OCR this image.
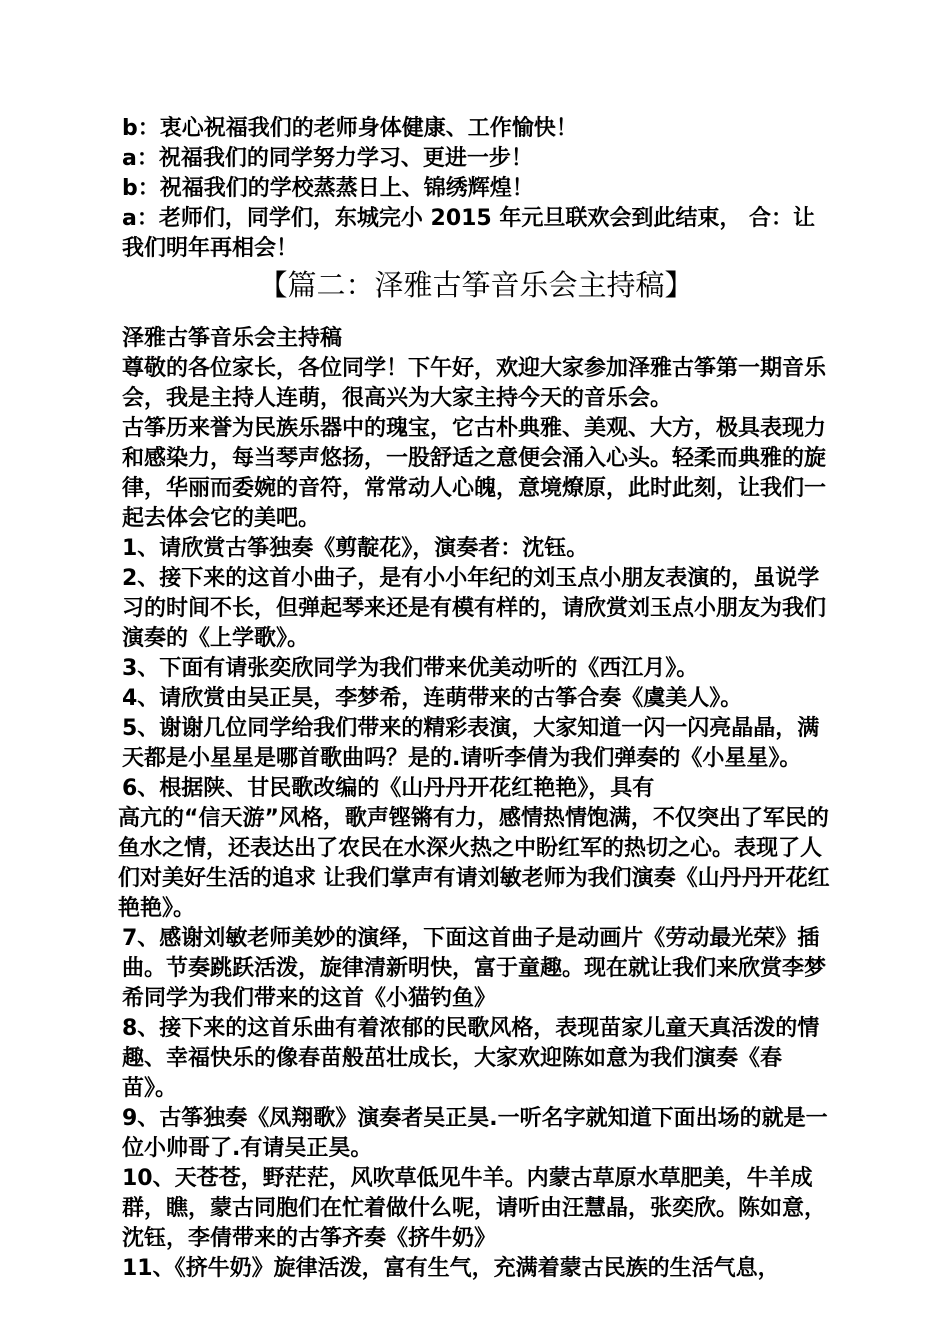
b：衷心祝福我们的老师身体健康、工作愉快！

a：祝福我们的同学努力学习、更进一步！

b：祝福我们的学校蒸蒸日上、锦绣辉煌！

a：老师们，同学们，东城完小 2015 年元旦联欢会到此结束， 合：让我们明年再相会！

【篇二：泽雅古筝音乐会主持稿】

泽雅古筝音乐会主持稿

尊敬的各位家长，各位同学！下午好，欢迎大家参加泽雅古筝第一期音乐会，我是主持人连萌，很高兴为大家主持今天的音乐会。

古筝历来誉为民族乐器中的瑰宝，它古朴典雅、美观、大方，极具表现力和感染力，每当琴声悠扬，一股舒适之意便会涌入心头。轻柔而典雅的旋律，华丽而委婉的音符，常常动人心魄，意境燎原，此时此刻，让我们一起去体会它的美吧。

1、请欣赏古筝独奏《剪靛花》，演奏者：沈钰。

2、接下来的这首小曲子，是有小小年纪的刘玉点小朋友表演的，虽说学习的时间不长，但弹起琴来还是有模有样的，请欣赏刘玉点小朋友为我们演奏的《上学歌》。

3、下面有请张奕欣同学为我们带来优美动听的《西江月》。

4、请欣赏由吴正昊，李梦希，连萌带来的古筝合奏《虞美人》。

5、谢谢几位同学给我们带来的精彩表演，大家知道一闪一闪亮晶晶，满天都是小星星是哪首歌曲吗？是的.请听李倩为我们弹奏的《小星星》。

6、根据陕、甘民歌改编的《山丹丹开花红艳艳》，具有

高亢的“信天游”风格，歌声铿锵有力，感情热情饱满，不仅突出了军民的鱼水之情，还表达出了农民在水深火热之中盼红军的热切之心。表现了人们对美好生活的追求 让我们掌声有请刘敏老师为我们演奏《山丹丹开花红艳艳》。

7、感谢刘敏老师美妙的演绎，下面这首曲子是动画片《劳动最光荣》插曲。节奏跳跃活泼，旋律清新明快，富于童趣。现在就让我们来欣赏李梦希同学为我们带来的这首《小猫钓鱼》

8、接下来的这首乐曲有着浓郁的民歌风格，表现苗家儿童天真活泼的情趣、幸福快乐的像春苗般茁壮成长，大家欢迎陈如意为我们演奏《春苗》。

9、古筝独奏《凤翔歌》演奏者吴正昊.一听名字就知道下面出场的就是一位小帅哥了.有请吴正昊。

10、天苍苍，野茫茫，风吹草低见牛羊。内蒙古草原水草肥美，牛羊成群，瞧，蒙古同胞们在忙着做什么呢，请听由汪慧晶，张奕欣。陈如意，沈钰，李倩带来的古筝齐奏《挤牛奶》

11、《挤牛奶》旋律活泼，富有生气，充满着蒙古民族的生活气息，
